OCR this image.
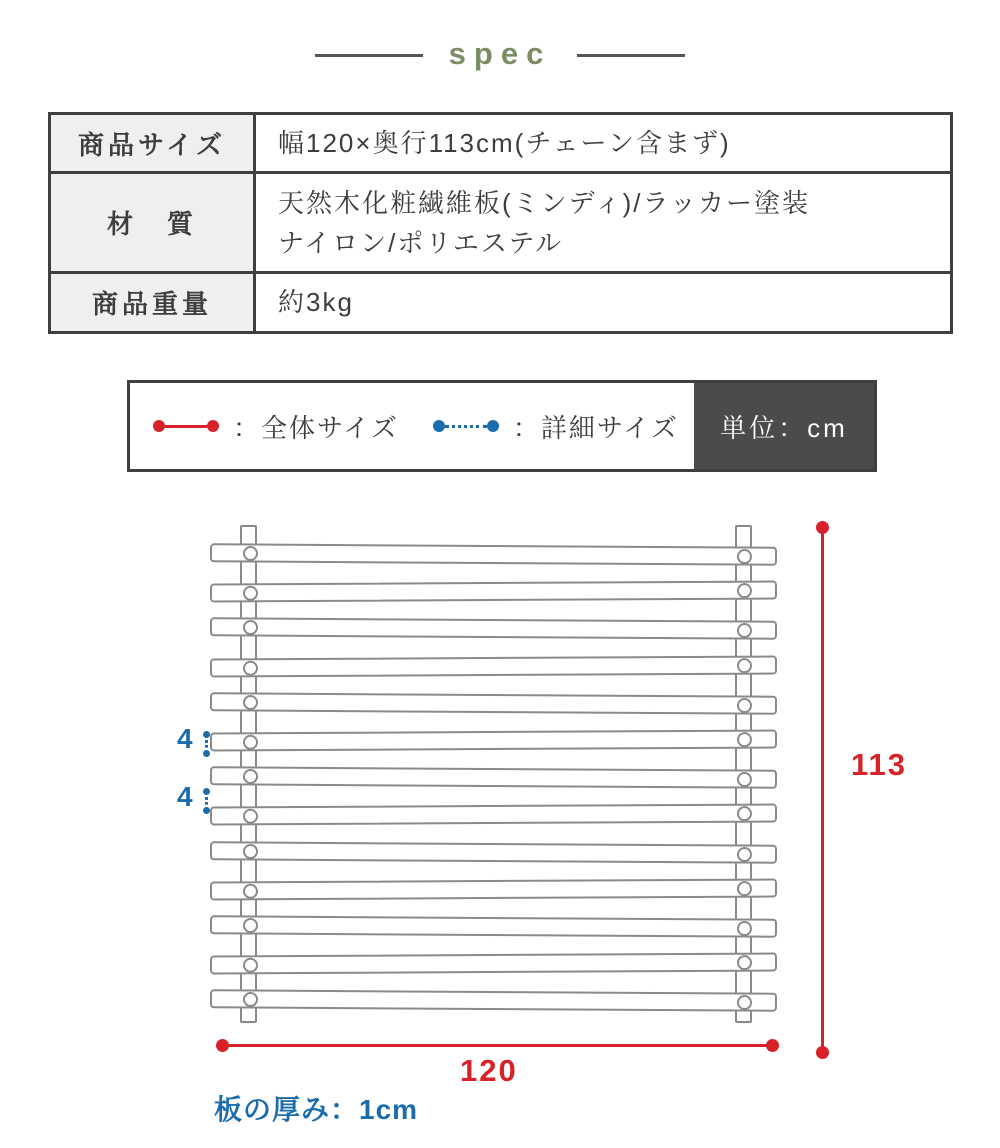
spec
商品サイズ	幅120×奥行113cm(チェーン含まず)

材　質	天然木化粧繊維板(ミンディ)/ラッカー塗装
ナイロン/ポリエステル

商品重量	約3kg
：全体サイズ	：詳細サイズ 単位：cm
113
120
4
4
板の厚み：1cm
